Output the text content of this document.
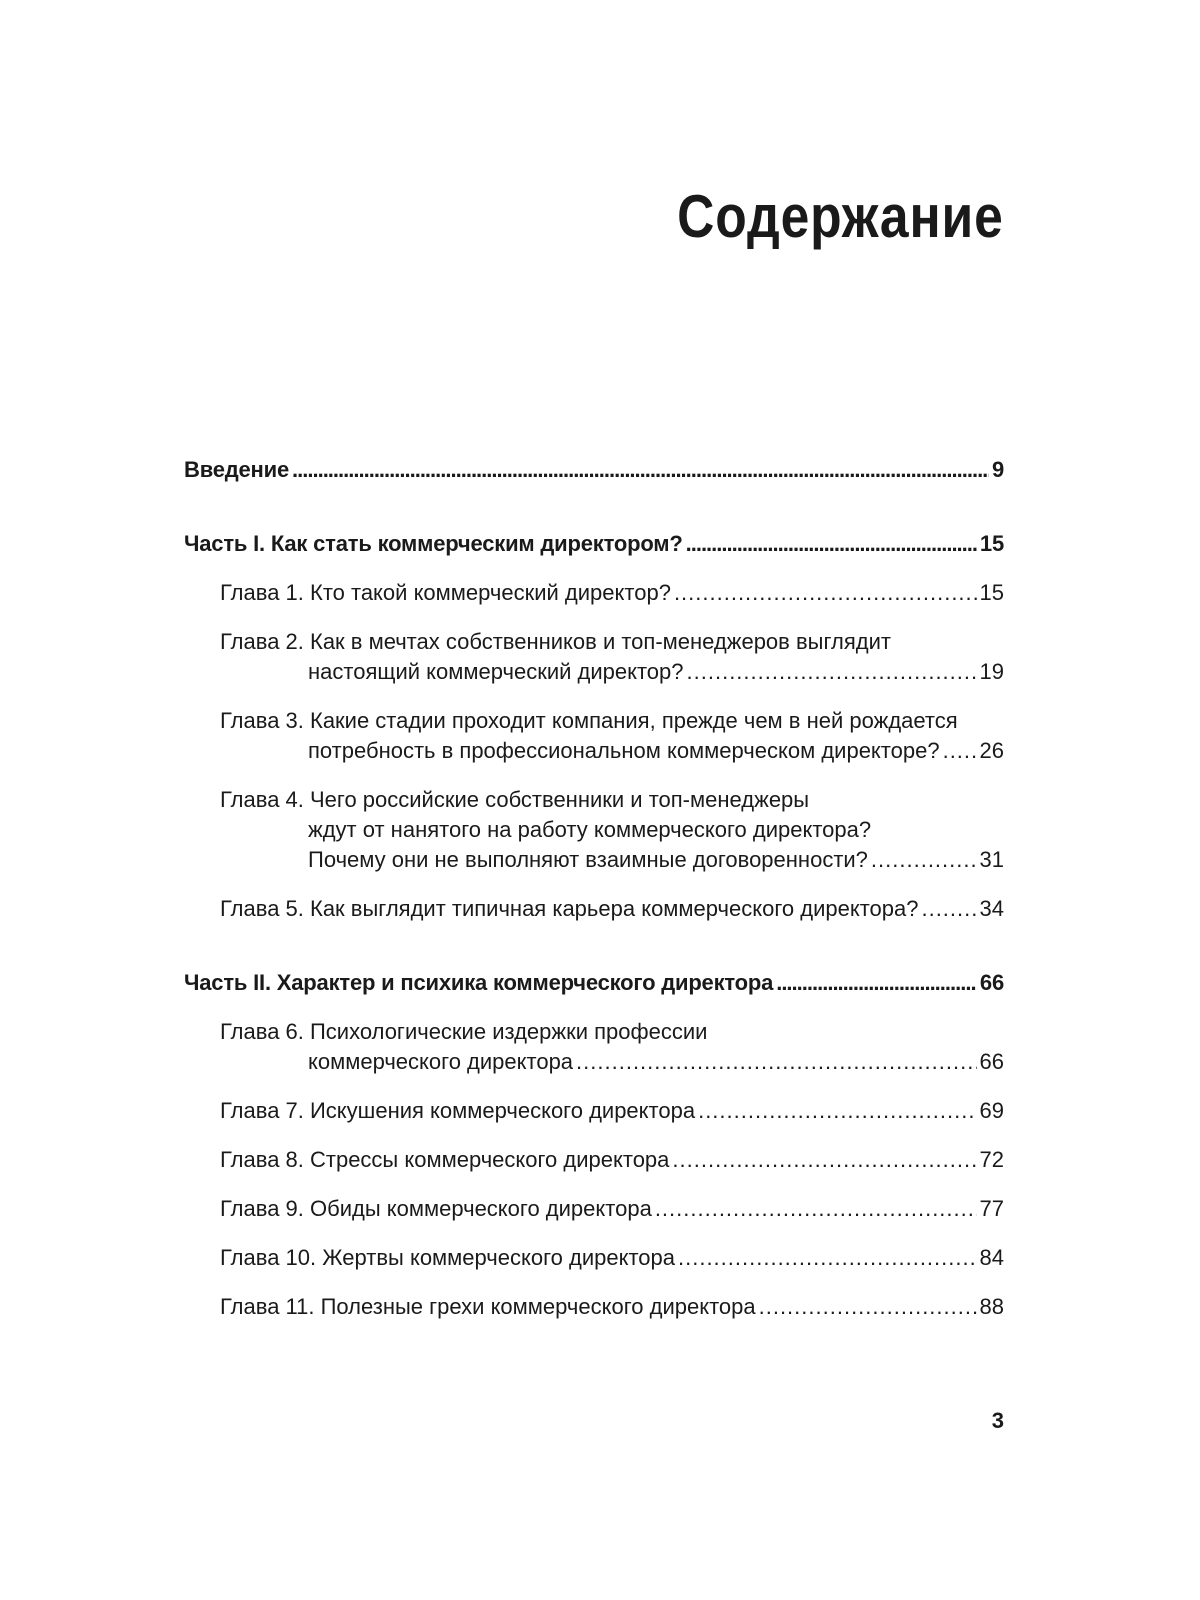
Содержание
Введение .....	9
Часть I. Как стать коммерческим директором? .....	15
Глава 1. Кто такой коммерческий директор? .....	15
Глава 2. Как в мечтах собственников и топ-менеджеров выглядит
настоящий коммерческий директор? .....	19
Глава 3. Какие стадии проходит компания, прежде чем в ней рождается
потребность в профессиональном коммерческом директоре? ..... 26
Глава 4. Чего российские собственники и топ-менеджеры
ждут от нанятого на работу коммерческого директора?
Почему они не выполняют взаимные договоренности? .....	31
Глава 5. Как выглядит типичная карьера коммерческого директора? .....	34
Часть II. Характер и психика коммерческого директора .....	66
Глава 6. Психологические издержки профессии
коммерческого директора .....	66
Глава 7. Искушения коммерческого директора .....	69
Глава 8. Стрессы коммерческого директора .....	72
Глава 9. Обиды коммерческого директора .....	77
Глава 10. Жертвы коммерческого директора .....	84
Глава 11. Полезные грехи коммерческого директора .....	88
3
